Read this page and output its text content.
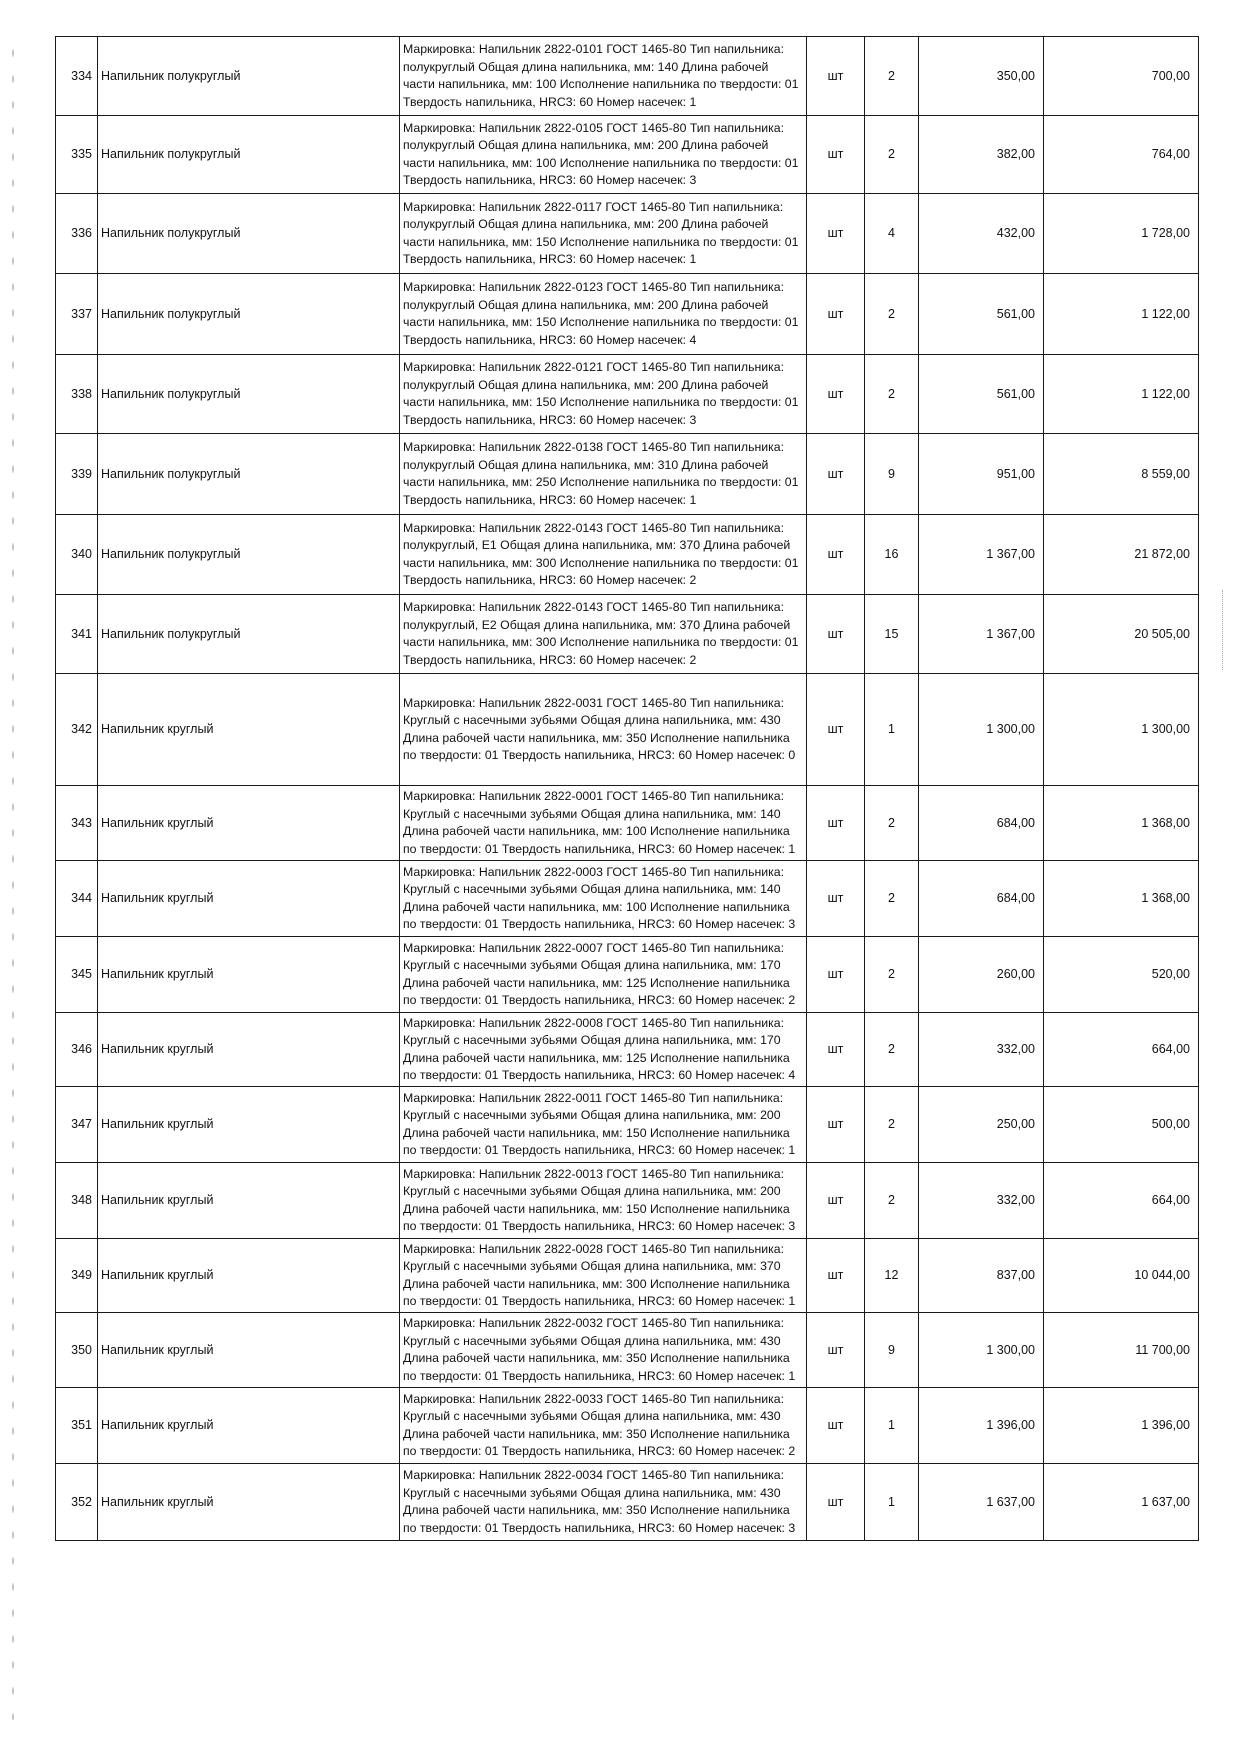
334	Напильник полукруглый	Маркировка: Напильник 2822-0101 ГОСТ 1465-80 Тип напильника: полукруглый Общая длина напильника, мм: 140 Длина рабочей части напильника, мм: 100 Исполнение напильника по твердости: 01 Твердость напильника, HRC3: 60 Номер насечек: 1	шт	2	350,00	700,00
335	Напильник полукруглый	Маркировка: Напильник 2822-0105 ГОСТ 1465-80 Тип напильника: полукруглый Общая длина напильника, мм: 200 Длина рабочей части напильника, мм: 100 Исполнение напильника по твердости: 01 Твердость напильника, HRC3: 60 Номер насечек: 3	шт	2	382,00	764,00
336	Напильник полукруглый	Маркировка: Напильник 2822-0117 ГОСТ 1465-80 Тип напильника: полукруглый Общая длина напильника, мм: 200 Длина рабочей части напильника, мм: 150 Исполнение напильника по твердости: 01 Твердость напильника, HRC3: 60 Номер насечек: 1	шт	4	432,00	1 728,00
337	Напильник полукруглый	Маркировка: Напильник 2822-0123 ГОСТ 1465-80 Тип напильника: полукруглый Общая длина напильника, мм: 200 Длина рабочей части напильника, мм: 150 Исполнение напильника по твердости: 01 Твердость напильника, HRC3: 60 Номер насечек: 4	шт	2	561,00	1 122,00
338	Напильник полукруглый	Маркировка: Напильник 2822-0121 ГОСТ 1465-80 Тип напильника: полукруглый Общая длина напильника, мм: 200 Длина рабочей части напильника, мм: 150 Исполнение напильника по твердости: 01 Твердость напильника, HRC3: 60 Номер насечек: 3	шт	2	561,00	1 122,00
339	Напильник полукруглый	Маркировка: Напильник 2822-0138 ГОСТ 1465-80 Тип напильника: полукруглый Общая длина напильника, мм: 310 Длина рабочей части напильника, мм: 250 Исполнение напильника по твердости: 01 Твердость напильника, HRC3: 60 Номер насечек: 1	шт	9	951,00	8 559,00
340	Напильник полукруглый	Маркировка: Напильник 2822-0143 ГОСТ 1465-80 Тип напильника: полукруглый, Е1 Общая длина напильника, мм: 370 Длина рабочей части напильника, мм: 300 Исполнение напильника по твердости: 01 Твердость напильника, HRC3: 60 Номер насечек: 2	шт	16	1 367,00	21 872,00
341	Напильник полукруглый	Маркировка: Напильник 2822-0143 ГОСТ 1465-80 Тип напильника: полукруглый, Е2 Общая длина напильника, мм: 370 Длина рабочей части напильника, мм: 300 Исполнение напильника по твердости: 01 Твердость напильника, HRC3: 60 Номер насечек: 2	шт	15	1 367,00	20 505,00
342	Напильник круглый	Маркировка: Напильник 2822-0031 ГОСТ 1465-80 Тип напильника: Круглый с насечными зубьями Общая длина напильника, мм: 430 Длина рабочей части напильника, мм: 350 Исполнение напильника по твердости: 01 Твердость напильника, HRC3: 60 Номер насечек: 0	шт	1	1 300,00	1 300,00
343	Напильник круглый	Маркировка: Напильник 2822-0001 ГОСТ 1465-80 Тип напильника: Круглый с насечными зубьями Общая длина напильника, мм: 140 Длина рабочей части напильника, мм: 100 Исполнение напильника по твердости: 01 Твердость напильника, HRC3: 60 Номер насечек: 1	шт	2	684,00	1 368,00
344	Напильник круглый	Маркировка: Напильник 2822-0003 ГОСТ 1465-80 Тип напильника: Круглый с насечными зубьями Общая длина напильника, мм: 140 Длина рабочей части напильника, мм: 100 Исполнение напильника по твердости: 01 Твердость напильника, HRC3: 60 Номер насечек: 3	шт	2	684,00	1 368,00
345	Напильник круглый	Маркировка: Напильник 2822-0007 ГОСТ 1465-80 Тип напильника: Круглый с насечными зубьями Общая длина напильника, мм: 170 Длина рабочей части напильника, мм: 125 Исполнение напильника по твердости: 01 Твердость напильника, HRC3: 60 Номер насечек: 2	шт	2	260,00	520,00
346	Напильник круглый	Маркировка: Напильник 2822-0008 ГОСТ 1465-80 Тип напильника: Круглый с насечными зубьями Общая длина напильника, мм: 170 Длина рабочей части напильника, мм: 125 Исполнение напильника по твердости: 01 Твердость напильника, HRC3: 60 Номер насечек: 4	шт	2	332,00	664,00
347	Напильник круглый	Маркировка: Напильник 2822-0011 ГОСТ 1465-80 Тип напильника: Круглый с насечными зубьями Общая длина напильника, мм: 200 Длина рабочей части напильника, мм: 150 Исполнение напильника по твердости: 01 Твердость напильника, HRC3: 60 Номер насечек: 1	шт	2	250,00	500,00
348	Напильник круглый	Маркировка: Напильник 2822-0013 ГОСТ 1465-80 Тип напильника: Круглый с насечными зубьями Общая длина напильника, мм: 200 Длина рабочей части напильника, мм: 150 Исполнение напильника по твердости: 01 Твердость напильника, HRC3: 60 Номер насечек: 3	шт	2	332,00	664,00
349	Напильник круглый	Маркировка: Напильник 2822-0028 ГОСТ 1465-80 Тип напильника: Круглый с насечными зубьями Общая длина напильника, мм: 370 Длина рабочей части напильника, мм: 300 Исполнение напильника по твердости: 01 Твердость напильника, HRC3: 60 Номер насечек: 1	шт	12	837,00	10 044,00
350	Напильник круглый	Маркировка: Напильник 2822-0032 ГОСТ 1465-80 Тип напильника: Круглый с насечными зубьями Общая длина напильника, мм: 430 Длина рабочей части напильника, мм: 350 Исполнение напильника по твердости: 01 Твердость напильника, HRC3: 60 Номер насечек: 1	шт	9	1 300,00	11 700,00
351	Напильник круглый	Маркировка: Напильник 2822-0033 ГОСТ 1465-80 Тип напильника: Круглый с насечными зубьями Общая длина напильника, мм: 430 Длина рабочей части напильника, мм: 350 Исполнение напильника по твердости: 01 Твердость напильника, HRC3: 60 Номер насечек: 2	шт	1	1 396,00	1 396,00
352	Напильник круглый	Маркировка: Напильник 2822-0034 ГОСТ 1465-80 Тип напильника: Круглый с насечными зубьями Общая длина напильника, мм: 430 Длина рабочей части напильника, мм: 350 Исполнение напильника по твердости: 01 Твердость напильника, HRC3: 60 Номер насечек: 3	шт	1	1 637,00	1 637,00
